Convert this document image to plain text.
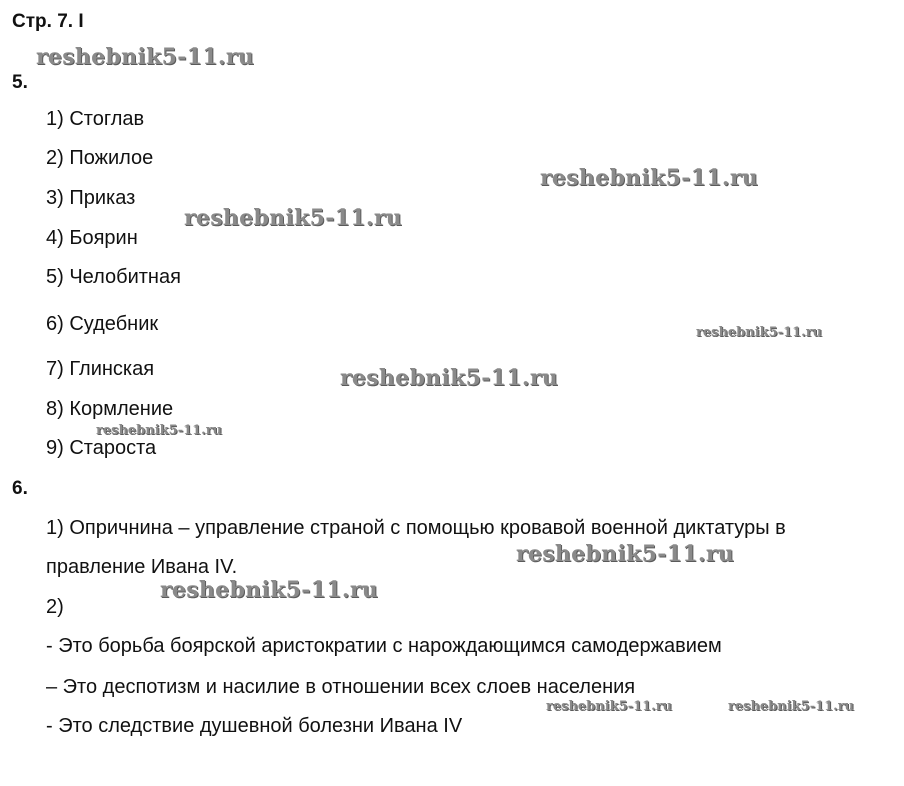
Стр. 7. I
5.
1) Стоглав
2) Пожилое
3) Приказ
4) Боярин
5) Челобитная
6) Судебник
7) Глинская
8) Кормление
9) Староста
6.
1) Опричнина – управление страной с помощью кровавой военной диктатуры в
правление Ивана IV.
2)
- Это борьба боярской аристократии с нарождающимся самодержавием
– Это деспотизм и насилие в отношении всех слоев населения
- Это следствие душевной болезни Ивана IV
reshebnik5-11.ru
reshebnik5-11.ru
reshebnik5-11.ru
reshebnik5-11.ru
reshebnik5-11.ru
reshebnik5-11.ru
reshebnik5-11.ru
reshebnik5-11.ru
reshebnik5-11.ru	reshebnik5-11.ru
